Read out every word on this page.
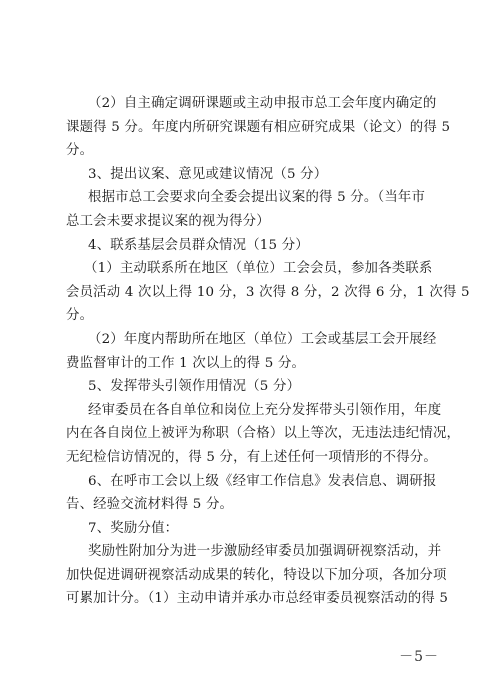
（2）自主确定调研课题或主动申报市总工会年度内确定的
课题得 5 分。年度内所研究课题有相应研究成果（论文）的得 5
分。
3、提出议案、意见或建议情况（5 分）
根据市总工会要求向全委会提出议案的得 5 分。（当年市
总工会未要求提议案的视为得分）
4、联系基层会员群众情况（15 分）
（1）主动联系所在地区（单位）工会会员，参加各类联系
会员活动 4 次以上得 10 分，3 次得 8 分，2 次得 6 分，1 次得 5
分。
（2）年度内帮助所在地区（单位）工会或基层工会开展经
费监督审计的工作 1 次以上的得 5 分。
5、发挥带头引领作用情况（5 分）
经审委员在各自单位和岗位上充分发挥带头引领作用，年度
内在各自岗位上被评为称职（合格）以上等次，无违法违纪情况，
无纪检信访情况的，得 5 分，有上述任何一项情形的不得分。
6、在呼市工会以上级《经审工作信息》发表信息、调研报
告、经验交流材料得 5 分。
7、奖励分值：
奖励性附加分为进一步激励经审委员加强调研视察活动，并
加快促进调研视察活动成果的转化，特设以下加分项，各加分项
可累加计分。（1）主动申请并承办市总经审委员视察活动的得 5
－5－
